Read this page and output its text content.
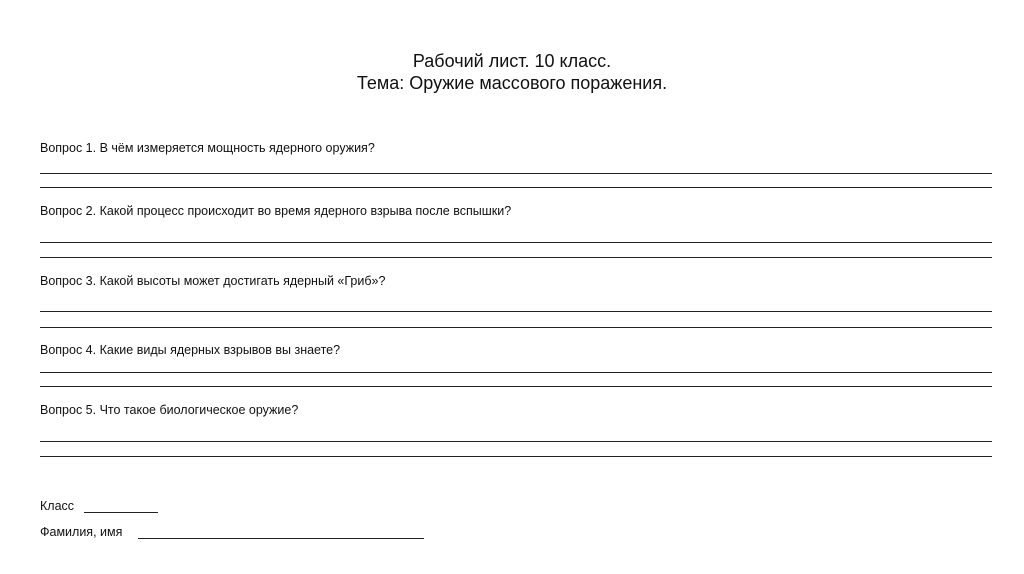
Рабочий лист. 10 класс.
Тема: Оружие массового поражения.
Вопрос 1. В чём измеряется мощность ядерного оружия?
Вопрос 2. Какой процесс происходит во время ядерного взрыва после вспышки?
Вопрос 3. Какой высоты может достигать ядерный «Гриб»?
Вопрос 4. Какие виды ядерных взрывов вы знаете?
Вопрос 5. Что такое биологическое оружие?
Класс
Фамилия, имя
